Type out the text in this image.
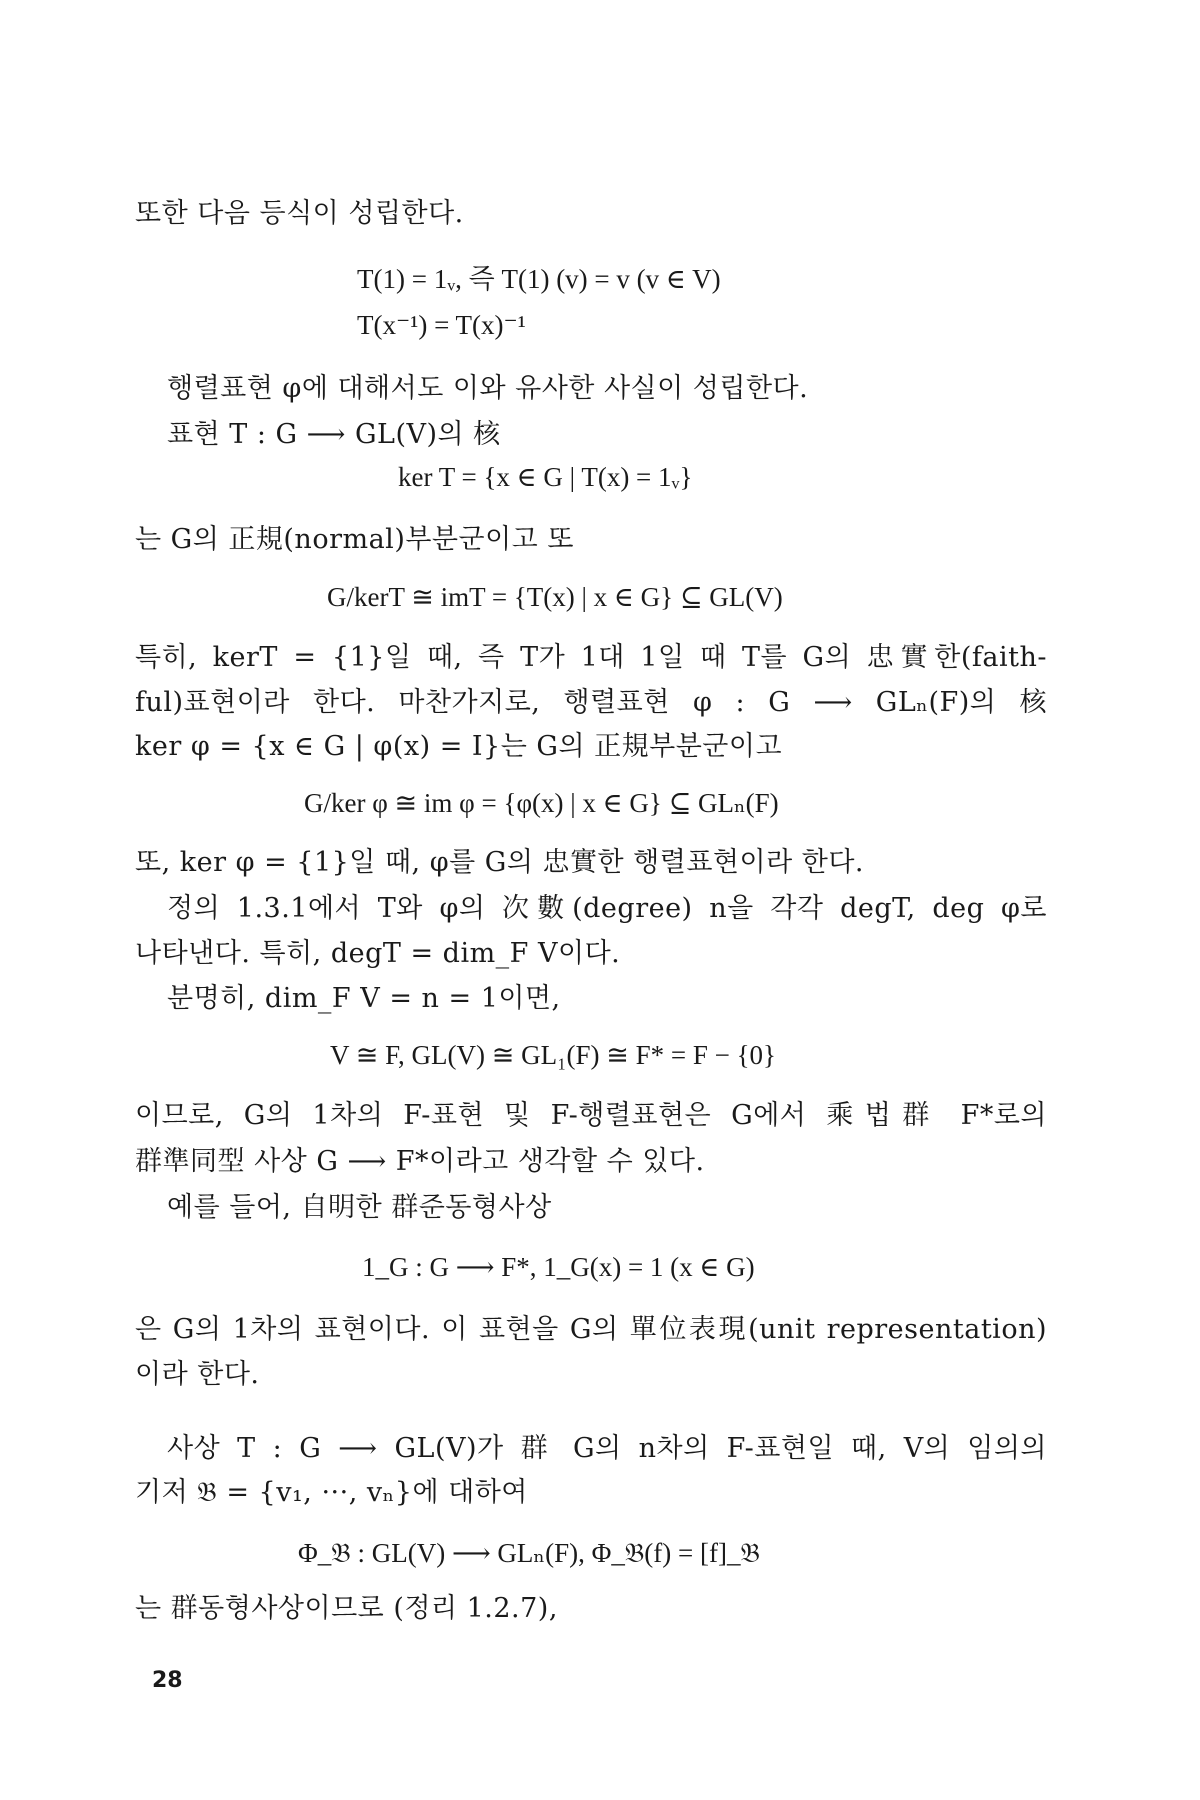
또한 다음 등식이 성립한다.
T(1) = 1ᵥ, 즉 T(1) (v) = v (v ∈ V)
T(x⁻¹) = T(x)⁻¹
행렬표현 φ에 대해서도 이와 유사한 사실이 성립한다.
표현 T : G ⟶ GL(V)의 核
ker T = {x ∈ G | T(x) = 1ᵥ}
는 G의 正規(normal)부분군이고 또
G/kerT ≅ imT = {T(x) | x ∈ G} ⊆ GL(V)
특히, kerT = {1}일 때, 즉 T가 1대 1일 때 T를 G의 忠實한(faith-
ful)표현이라 한다. 마찬가지로, 행렬표현 φ : G ⟶ GLₙ(F)의 核
ker φ = {x ∈ G | φ(x) = I}는 G의 正規부분군이고
G/ker φ ≅ im φ = {φ(x) | x ∈ G} ⊆ GLₙ(F)
또, ker φ = {1}일 때, φ를 G의 忠實한 행렬표현이라 한다.
정의 1.3.1에서 T와 φ의 次數(degree) n을 각각 degT, deg φ로
나타낸다. 특히, degT = dim_F V이다.
분명히, dim_F V = n = 1이면,
V ≅ F, GL(V) ≅ GL₁(F) ≅ F* = F − {0}
이므로, G의 1차의 F-표현 및 F-행렬표현은 G에서 乘법群 F*로의
群準同型 사상 G ⟶ F*이라고 생각할 수 있다.
예를 들어, 自明한 群준동형사상
1_G : G ⟶ F*, 1_G(x) = 1 (x ∈ G)
은 G의 1차의 표현이다. 이 표현을 G의 單位表現(unit representation)
이라 한다.
사상 T : G ⟶ GL(V)가 群 G의 n차의 F-표현일 때, V의 임의의
기저 𝔅 = {v₁, ···, vₙ}에 대하여
Φ_𝔅 : GL(V) ⟶ GLₙ(F), Φ_𝔅(f) = [f]_𝔅
는 群동형사상이므로 (정리 1.2.7),
28
